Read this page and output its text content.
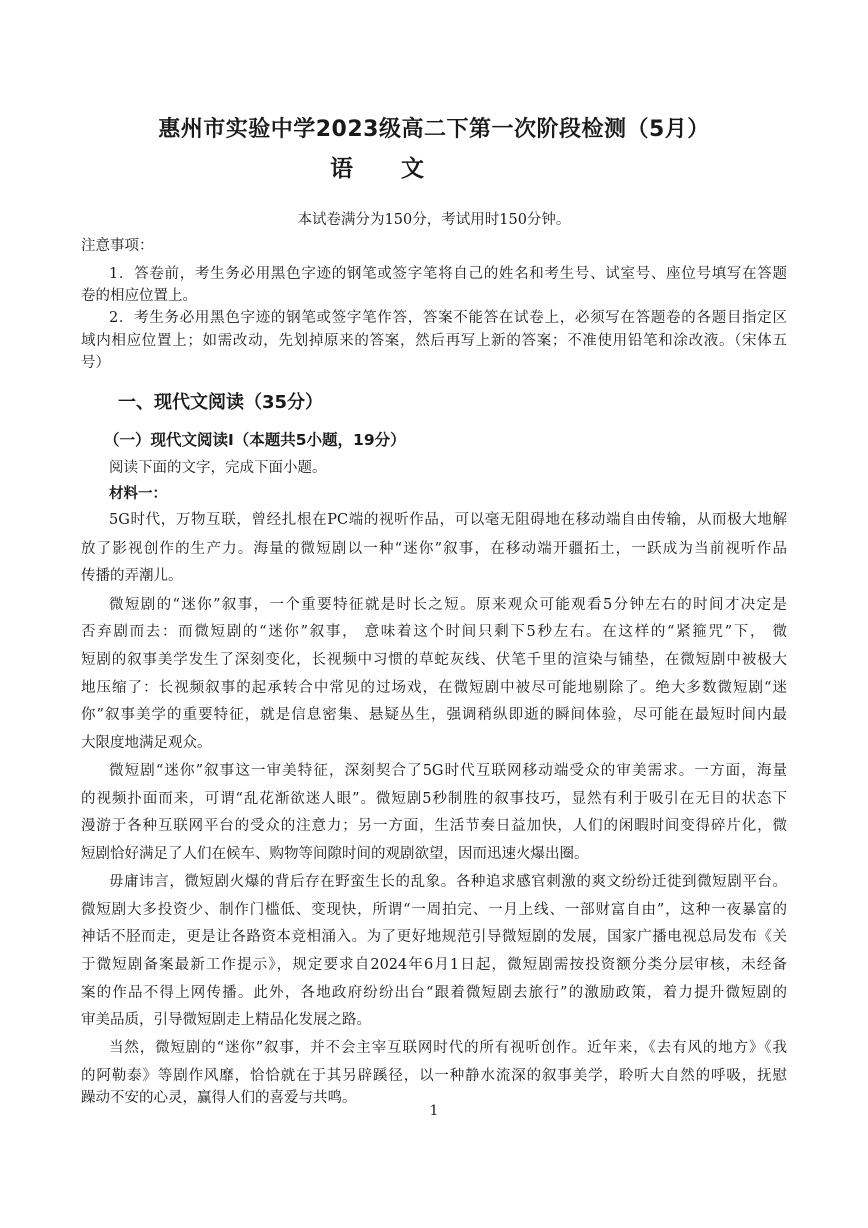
惠州市实验中学2023级高二下第一次阶段检测（5月）
语文
本试卷满分为150分，考试用时150分钟。
注意事项：
1．答卷前，考生务必用黑色字迹的钢笔或签字笔将自己的姓名和考生号、试室号、座位号填写在答题
卷的相应位置上。
2．考生务必用黑色字迹的钢笔或签字笔作答，答案不能答在试卷上，必须写在答题卷的各题目指定区
域内相应位置上；如需改动，先划掉原来的答案，然后再写上新的答案；不准使用铅笔和涂改液。（宋体五
号）
一、现代文阅读（35分）
（一）现代文阅读Ⅰ（本题共5小题，19分）
阅读下面的文字，完成下面小题。
材料一：
5G时代，万物互联，曾经扎根在PC端的视听作品，可以毫无阻碍地在移动端自由传输，从而极大地解
放了影视创作的生产力。海量的微短剧以一种“迷你”叙事，在移动端开疆拓土，一跃成为当前视听作品
传播的弄潮儿。
微短剧的“迷你”叙事，一个重要特征就是时长之短。原来观众可能观看5分钟左右的时间才决定是
否弃剧而去：而微短剧的“迷你”叙事， 意味着这个时间只剩下5秒左右。在这样的“紧箍咒”下， 微
短剧的叙事美学发生了深刻变化，长视频中习惯的草蛇灰线、伏笔千里的渲染与铺垫，在微短剧中被极大
地压缩了：长视频叙事的起承转合中常见的过场戏，在微短剧中被尽可能地剔除了。绝大多数微短剧“迷
你”叙事美学的重要特征，就是信息密集、悬疑丛生，强调稍纵即逝的瞬间体验，尽可能在最短时间内最
大限度地满足观众。
微短剧“迷你”叙事这一审美特征，深刻契合了5G时代互联网移动端受众的审美需求。一方面，海量
的视频扑面而来，可谓“乱花渐欲迷人眼”。微短剧5秒制胜的叙事技巧，显然有利于吸引在无目的状态下
漫游于各种互联网平台的受众的注意力；另一方面，生活节奏日益加快，人们的闲暇时间变得碎片化，微
短剧恰好满足了人们在候车、购物等间隙时间的观剧欲望，因而迅速火爆出圈。
毋庸讳言，微短剧火爆的背后存在野蛮生长的乱象。各种追求感官刺激的爽文纷纷迁徙到微短剧平台。
微短剧大多投资少、制作门槛低、变现快，所谓“一周拍完、一月上线、一部财富自由”，这种一夜暴富的
神话不胫而走，更是让各路资本竞相涌入。为了更好地规范引导微短剧的发展，国家广播电视总局发布《关
于微短剧备案最新工作提示》，规定要求自2024年6月1日起，微短剧需按投资额分类分层审核，未经备
案的作品不得上网传播。此外，各地政府纷纷出台“跟着微短剧去旅行”的激励政策，着力提升微短剧的
审美品质，引导微短剧走上精品化发展之路。
当然，微短剧的“迷你”叙事，并不会主宰互联网时代的所有视听创作。近年来，《去有风的地方》《我
的阿勒泰》等剧作风靡，恰恰就在于其另辟蹊径，以一种静水流深的叙事美学，聆听大自然的呼吸，抚慰
躁动不安的心灵，赢得人们的喜爱与共鸣。
1
